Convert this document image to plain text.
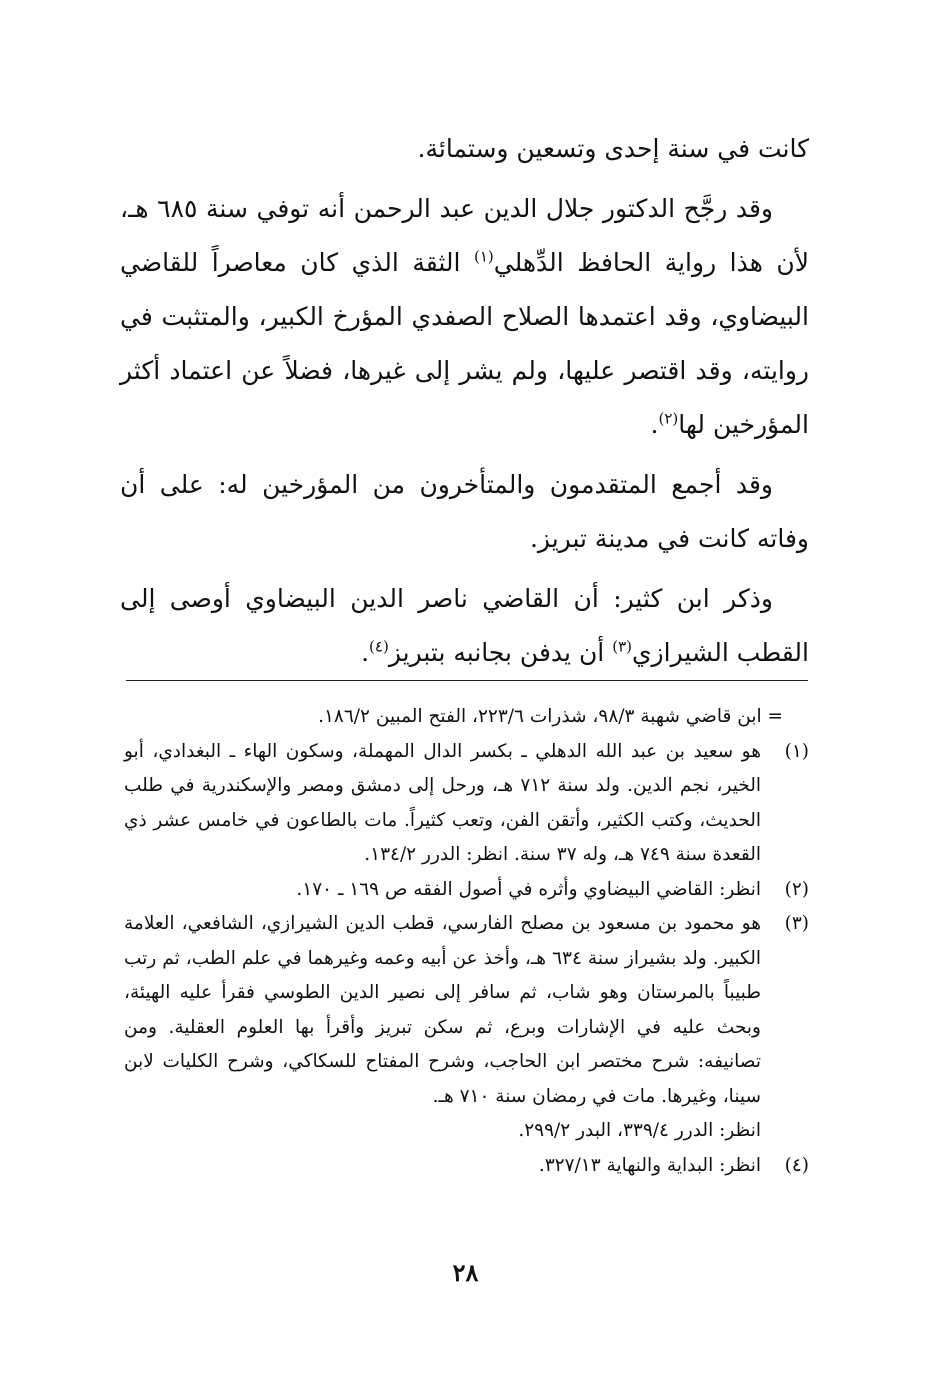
كانت في سنة إحدى وتسعين وستمائة.

وقد رجَّح الدكتور جلال الدين عبد الرحمن أنه توفي سنة ٦٨٥ هـ، لأن هذا رواية الحافظ الدِّهلي$^{(١)}$ الثقة الذي كان معاصراً للقاضي البيضاوي، وقد اعتمدها الصلاح الصفدي المؤرخ الكبير، والمتثبت في روايته، وقد اقتصر عليها، ولم يشر إلى غيرها، فضلاً عن اعتماد أكثر المؤرخين لها$^{(٢)}$.

وقد أجمع المتقدمون والمتأخرون من المؤرخين له: على أن وفاته كانت في مدينة تبريز.

وذكر ابن كثير: أن القاضي ناصر الدين البيضاوي أوصى إلى القطب الشيرازي$^{(٣)}$ أن يدفن بجانبه بتبريز$^{(٤)}$.

= ابن قاضي شهبة ٩٨/٣، شذرات ٢٢٣/٦، الفتح المبين ١٨٦/٢.
(١)
هو سعيد بن عبد الله الدهلي ـ بكسر الدال المهملة، وسكون الهاء ـ البغدادي، أبو الخير، نجم الدين. ولد سنة ٧١٢ هـ، ورحل إلى دمشق ومصر والإسكندرية في طلب الحديث، وكتب الكثير، وأتقن الفن، وتعب كثيراً. مات بالطاعون في خامس عشر ذي القعدة سنة ٧٤٩ هـ، وله ٣٧ سنة. انظر: الدرر ١٣٤/٢.
(٢)
انظر: القاضي البيضاوي وأثره في أصول الفقه ص ١٦٩ ـ ١٧٠.
(٣)
هو محمود بن مسعود بن مصلح الفارسي، قطب الدين الشيرازي، الشافعي، العلامة الكبير. ولد بشيراز سنة ٦٣٤ هـ، وأخذ عن أبيه وعمه وغيرهما في علم الطب، ثم رتب طبيباً بالمرستان وهو شاب، ثم سافر إلى نصير الدين الطوسي فقرأ عليه الهيئة، وبحث عليه في الإشارات وبرع، ثم سكن تبريز وأقرأ بها العلوم العقلية. ومن تصانيفه: شرح مختصر ابن الحاجب، وشرح المفتاح للسكاكي، وشرح الكليات لابن سينا، وغيرها. مات في رمضان سنة ٧١٠ هـ.
انظر: الدرر ٣٣٩/٤، البدر ٢٩٩/٢.
(٤)
انظر: البداية والنهاية ٣٢٧/١٣.
٢٨
